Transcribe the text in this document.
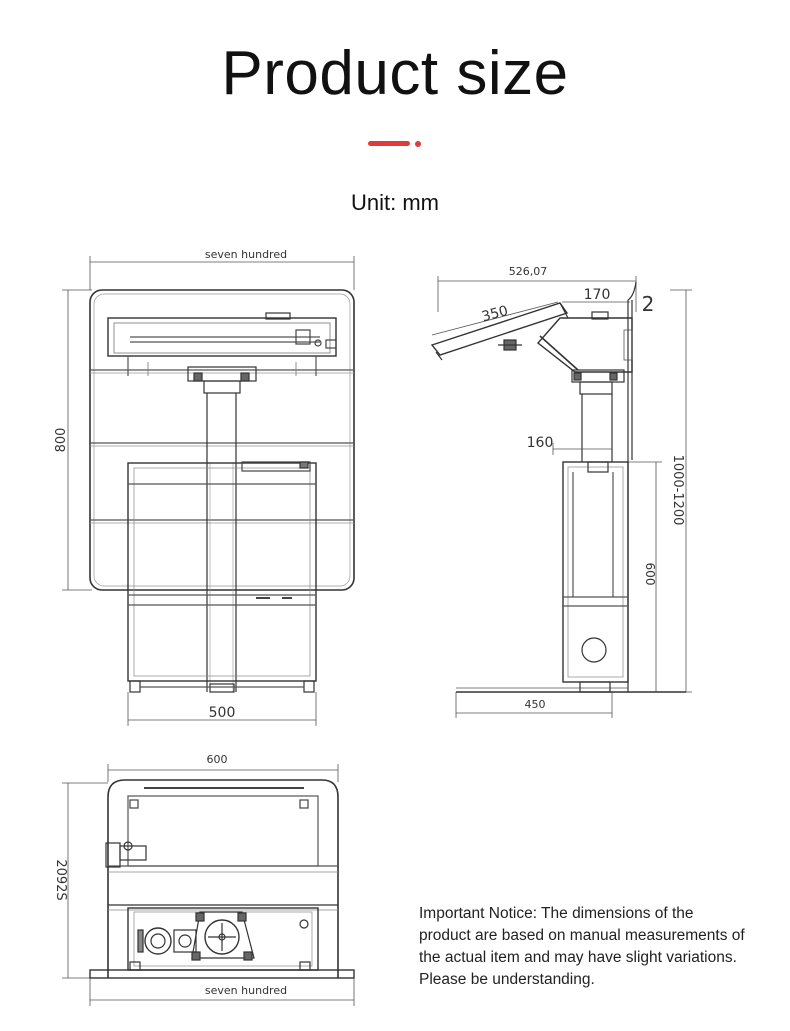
Product size
Unit: mm
seven hundred
800
500
526,07
350
170 2
160
1000-1200
600
450
600
2092S
seven hundred
Important Notice: The dimensions of the product are based on manual measurements of the actual item and may have slight variations. Please be understanding.
